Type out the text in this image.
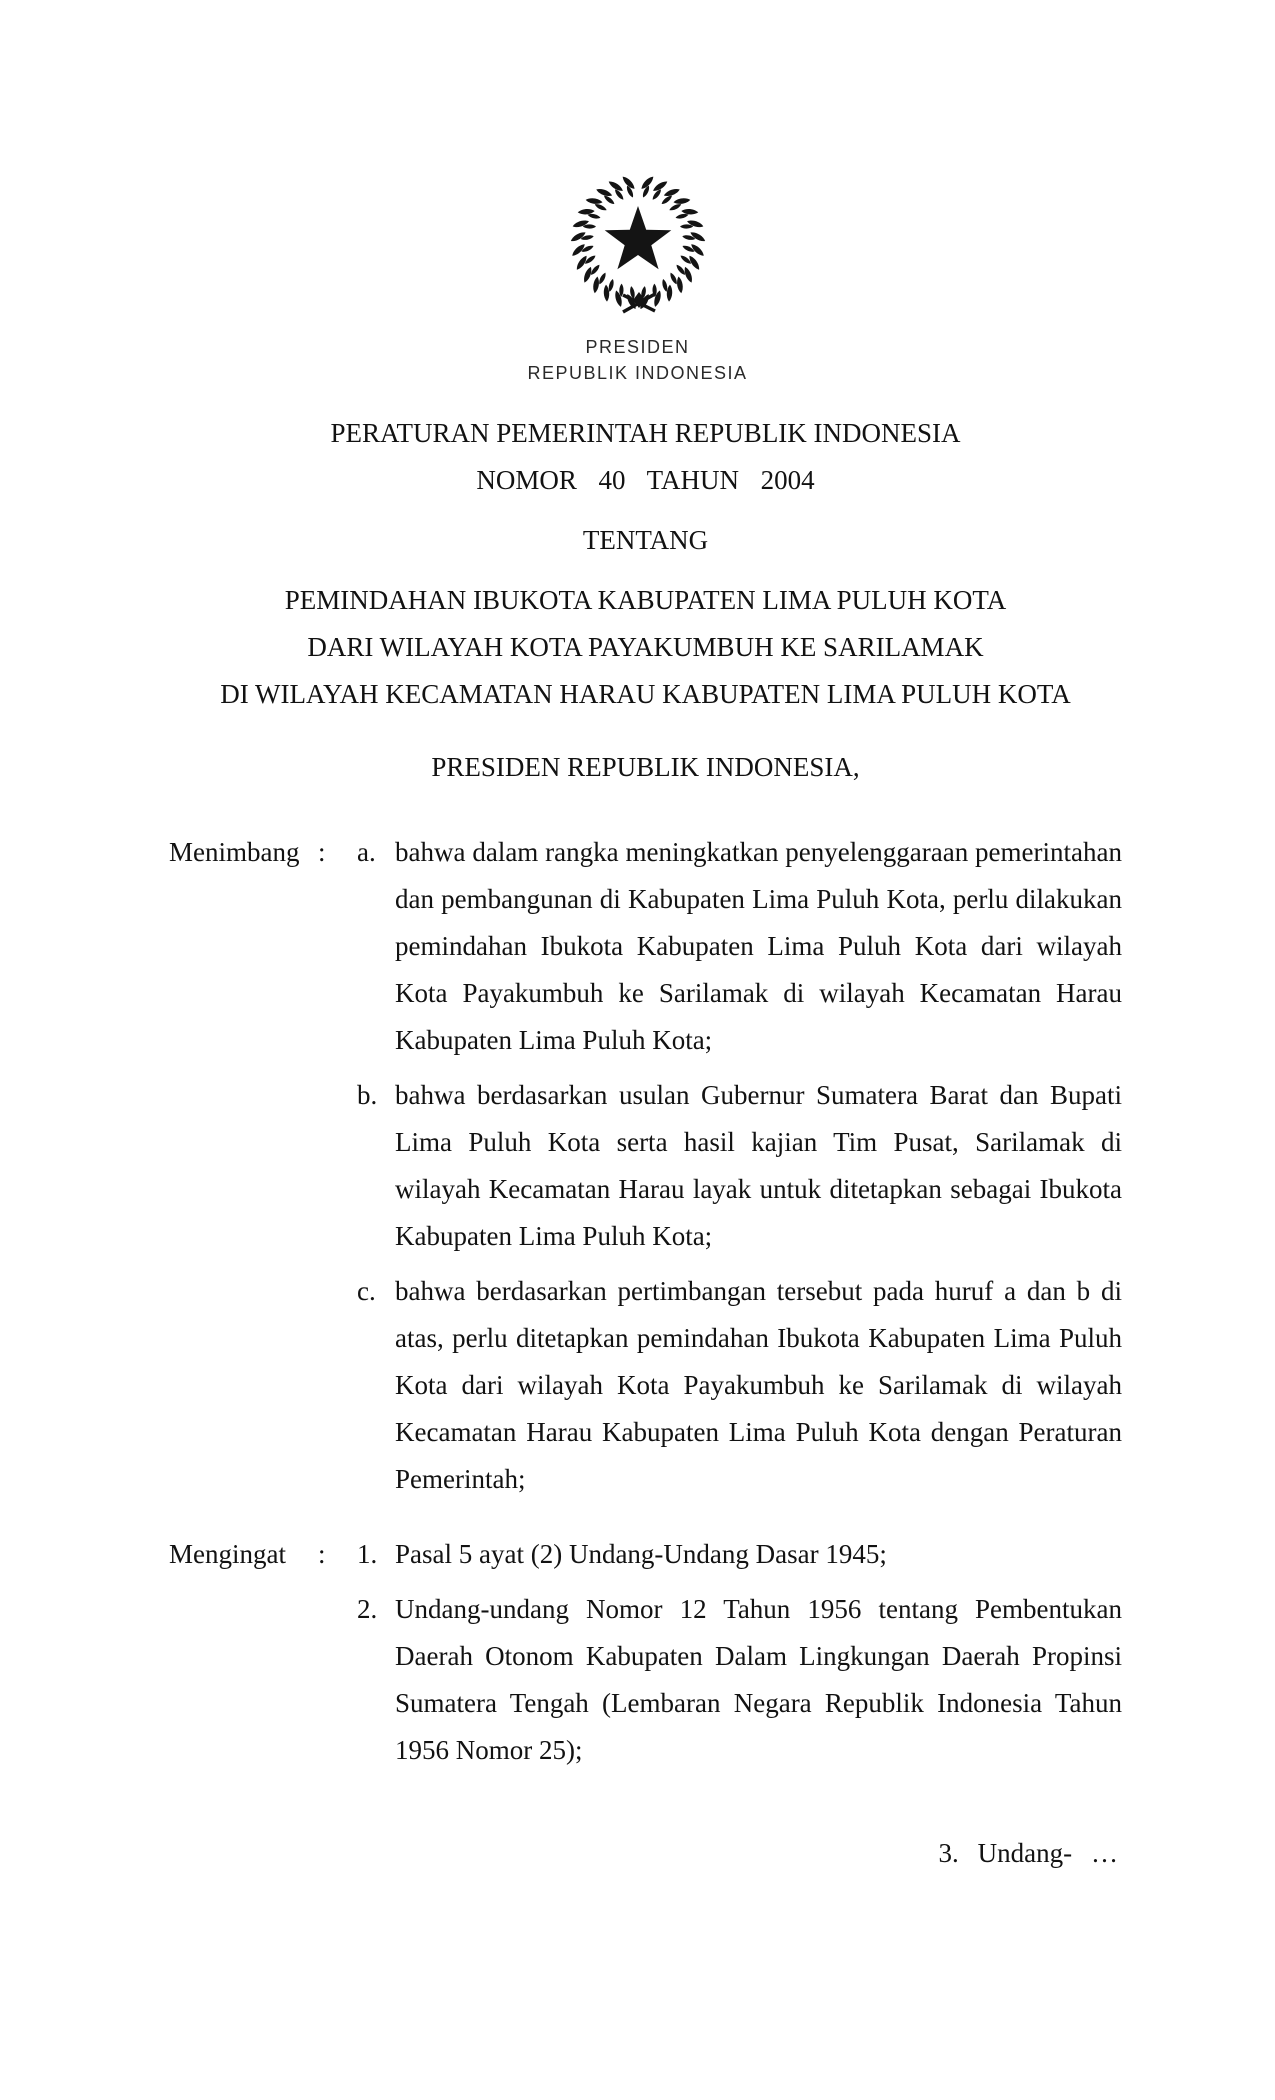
PRESIDEN
REPUBLIK INDONESIA
PERATURAN PEMERINTAH REPUBLIK INDONESIA
NOMOR 40 TAHUN 2004
TENTANG
PEMINDAHAN IBUKOTA KABUPATEN LIMA PULUH KOTA
DARI WILAYAH KOTA PAYAKUMBUH KE SARILAMAK
DI WILAYAH KECAMATAN HARAU KABUPATEN LIMA PULUH KOTA
PRESIDEN REPUBLIK INDONESIA,
Menimbang :	a. bahwa dalam rangka meningkatkan penyelenggaraan pemerintahan dan pembangunan di Kabupaten Lima Puluh Kota, perlu dilakukan pemindahan Ibukota Kabupaten Lima Puluh Kota dari wilayah Kota Payakumbuh ke Sarilamak di wilayah Kecamatan Harau Kabupaten Lima Puluh Kota;
b. bahwa berdasarkan usulan Gubernur Sumatera Barat dan Bupati Lima Puluh Kota serta hasil kajian Tim Pusat, Sarilamak di wilayah Kecamatan Harau layak untuk ditetapkan sebagai Ibukota Kabupaten Lima Puluh Kota;
c. bahwa berdasarkan pertimbangan tersebut pada huruf a dan b di atas, perlu ditetapkan pemindahan Ibukota Kabupaten Lima Puluh Kota dari wilayah Kota Payakumbuh ke Sarilamak di wilayah Kecamatan Harau Kabupaten Lima Puluh Kota dengan Peraturan Pemerintah;
Mengingat	:	1. Pasal 5 ayat (2) Undang-Undang Dasar 1945;
2. Undang-undang Nomor 12 Tahun 1956 tentang Pembentukan Daerah Otonom Kabupaten Dalam Lingkungan Daerah Propinsi Sumatera Tengah (Lembaran Negara Republik Indonesia Tahun 1956 Nomor 25);
3. Undang- …
